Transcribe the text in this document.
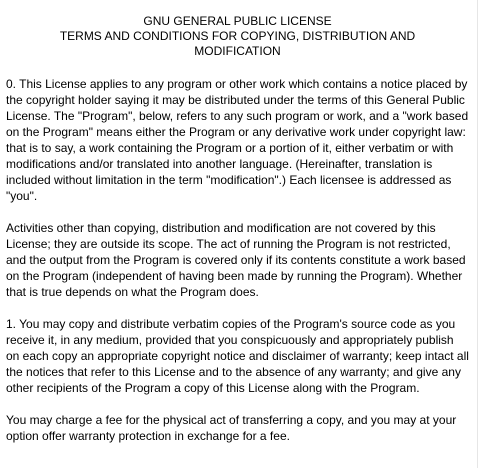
GNU GENERAL PUBLIC LICENSE
TERMS AND CONDITIONS FOR COPYING, DISTRIBUTION AND
MODIFICATION

0. This License applies to any program or other work which contains a notice placed by the copyright holder saying it may be distributed under the terms of this General Public License. The "Program", below, refers to any such program or work, and a "work based on the Program" means either the Program or any derivative work under copyright law: that is to say, a work containing the Program or a portion of it, either verbatim or with modifications and/or translated into another language. (Hereinafter, translation is included without limitation in the term "modification".) Each licensee is addressed as "you".

Activities other than copying, distribution and modification are not covered by this License; they are outside its scope. The act of running the Program is not restricted, and the output from the Program is covered only if its contents constitute a work based on the Program (independent of having been made by running the Program). Whether that is true depends on what the Program does.

1. You may copy and distribute verbatim copies of the Program's source code as you receive it, in any medium, provided that you conspicuously and appropriately publish on each copy an appropriate copyright notice and disclaimer of warranty; keep intact all the notices that refer to this License and to the absence of any warranty; and give any other recipients of the Program a copy of this License along with the Program.

You may charge a fee for the physical act of transferring a copy, and you may at your option offer warranty protection in exchange for a fee.
